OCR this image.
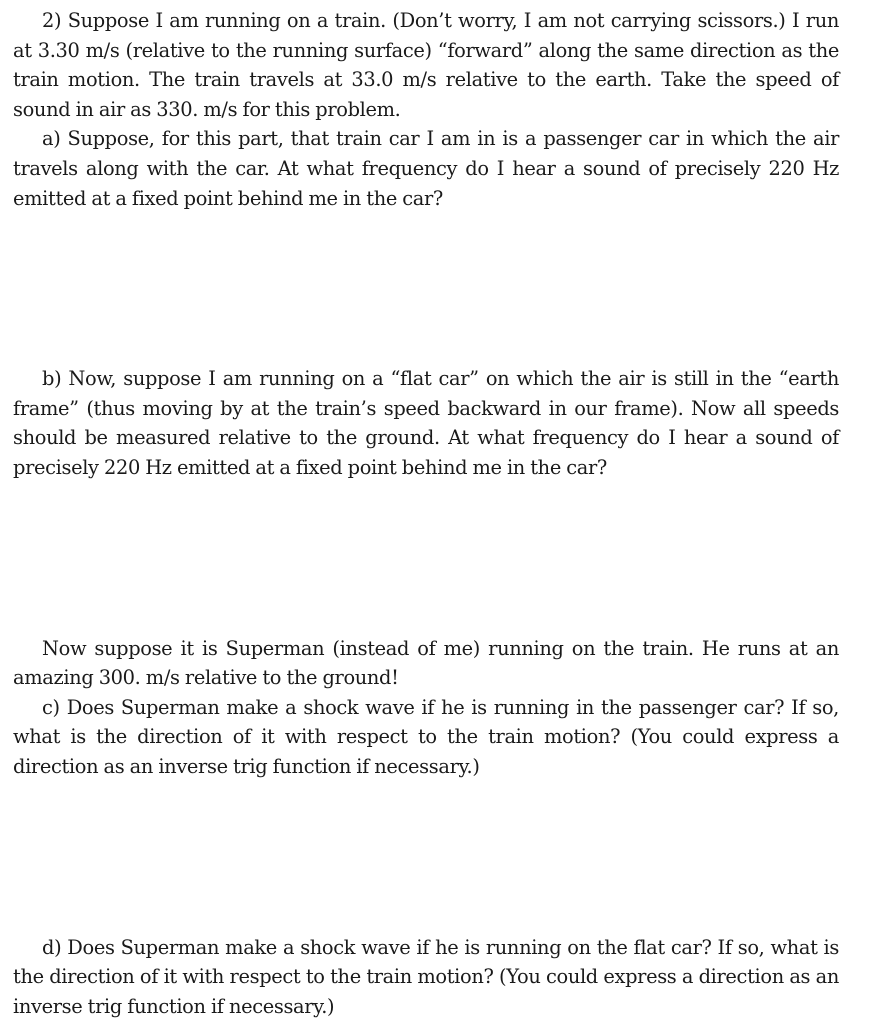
2) Suppose I am running on a train. (Don’t worry, I am not carrying scissors.) I run at 3.30 m/s (relative to the running surface) “forward” along the same direction as the train motion. The train travels at 33.0 m/s relative to the earth. Take the speed of sound in air as 330. m/s for this problem.

a) Suppose, for this part, that train car I am in is a passenger car in which the air travels along with the car. At what frequency do I hear a sound of precisely 220 Hz emitted at a fixed point behind me in the car?

b) Now, suppose I am running on a “flat car” on which the air is still in the “earth frame” (thus moving by at the train’s speed backward in our frame). Now all speeds should be measured relative to the ground. At what frequency do I hear a sound of precisely 220 Hz emitted at a fixed point behind me in the car?

Now suppose it is Superman (instead of me) running on the train. He runs at an amazing 300. m/s relative to the ground!

c) Does Superman make a shock wave if he is running in the passenger car? If so, what is the direction of it with respect to the train motion? (You could express a direction as an inverse trig function if necessary.)

d) Does Superman make a shock wave if he is running on the flat car? If so, what is the direction of it with respect to the train motion? (You could express a direction as an inverse trig function if necessary.)
